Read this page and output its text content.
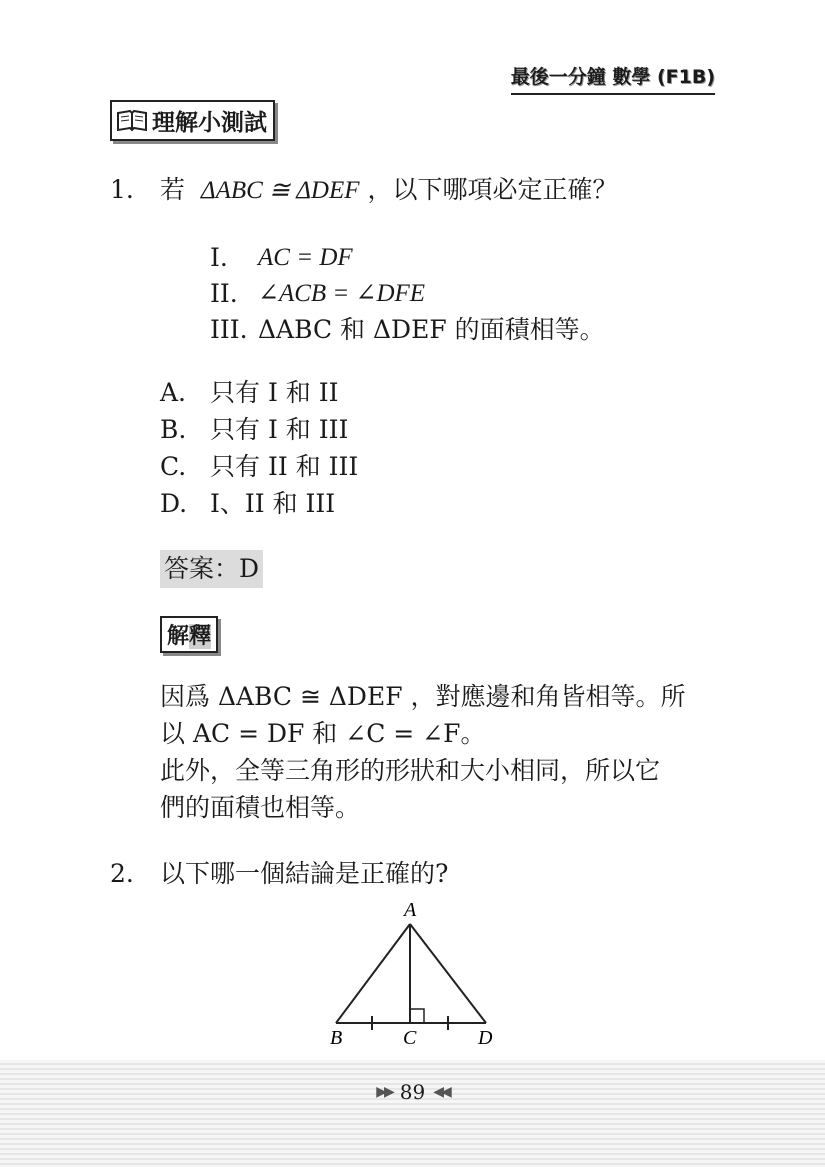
最後一分鐘 數學 (F1B)
理解小測試
1. 若 ΔABC ≅ ΔDEF ，以下哪項必定正確？
I.	AC = DF
II. ∠ACB = ∠DFE
III. ΔABC 和 ΔDEF 的面積相等。
A. 只有 I 和 II
B. 只有 I 和 III
C. 只有 II 和 III
D. I、II 和 III
答案：D
解釋
因爲 ΔABC ≅ ΔDEF ，對應邊和角皆相等。所
以 AC = DF 和 ∠C = ∠F。
此外，全等三角形的形狀和大小相同，所以它
們的面積也相等。
2. 以下哪一個結論是正確的?
A
B	C	D
▶▶ 89 ◀◀
